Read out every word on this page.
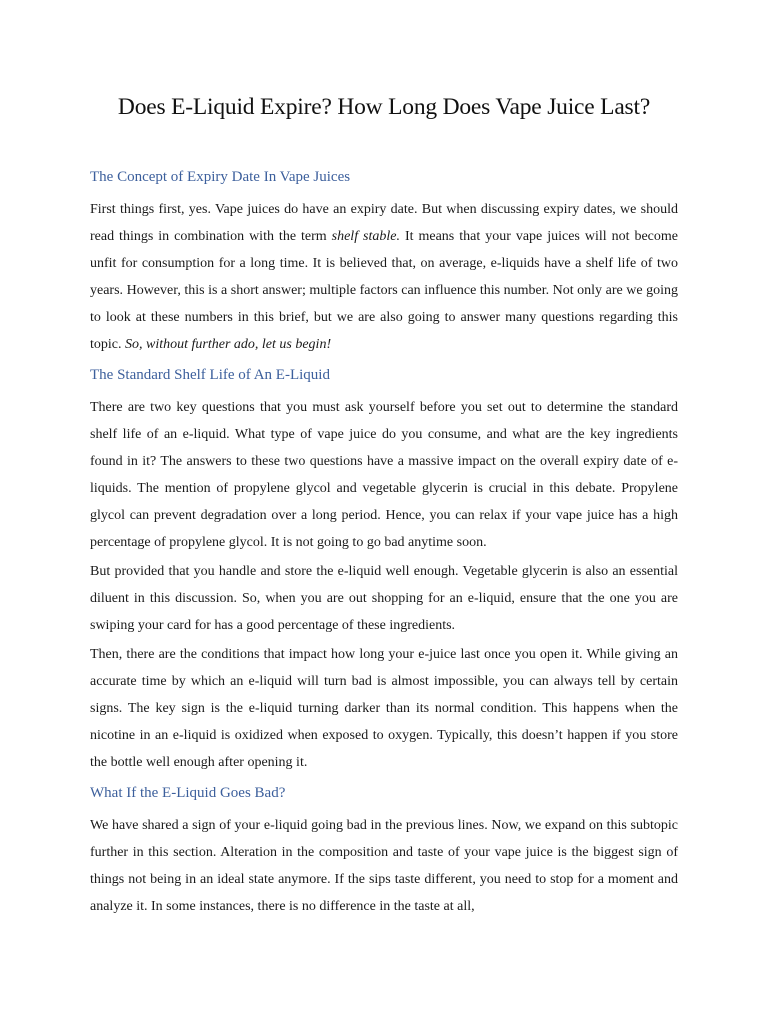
Does E-Liquid Expire? How Long Does Vape Juice Last?
The Concept of Expiry Date In Vape Juices

First things first, yes. Vape juices do have an expiry date. But when discussing expiry dates, we should read things in combination with the term shelf stable. It means that your vape juices will not become unfit for consumption for a long time. It is believed that, on average, e-liquids have a shelf life of two years. However, this is a short answer; multiple factors can influence this number. Not only are we going to look at these numbers in this brief, but we are also going to answer many questions regarding this topic. So, without further ado, let us begin!

The Standard Shelf Life of An E-Liquid

There are two key questions that you must ask yourself before you set out to determine the standard shelf life of an e-liquid. What type of vape juice do you consume, and what are the key ingredients found in it? The answers to these two questions have a massive impact on the overall expiry date of e-liquids. The mention of propylene glycol and vegetable glycerin is crucial in this debate. Propylene glycol can prevent degradation over a long period. Hence, you can relax if your vape juice has a high percentage of propylene glycol. It is not going to go bad anytime soon.

But provided that you handle and store the e-liquid well enough. Vegetable glycerin is also an essential diluent in this discussion. So, when you are out shopping for an e-liquid, ensure that the one you are swiping your card for has a good percentage of these ingredients.

Then, there are the conditions that impact how long your e-juice last once you open it. While giving an accurate time by which an e-liquid will turn bad is almost impossible, you can always tell by certain signs. The key sign is the e-liquid turning darker than its normal condition. This happens when the nicotine in an e-liquid is oxidized when exposed to oxygen. Typically, this doesn’t happen if you store the bottle well enough after opening it.

What If the E-Liquid Goes Bad?

We have shared a sign of your e-liquid going bad in the previous lines. Now, we expand on this subtopic further in this section. Alteration in the composition and taste of your vape juice is the biggest sign of things not being in an ideal state anymore. If the sips taste different, you need to stop for a moment and analyze it. In some instances, there is no difference in the taste at all,
